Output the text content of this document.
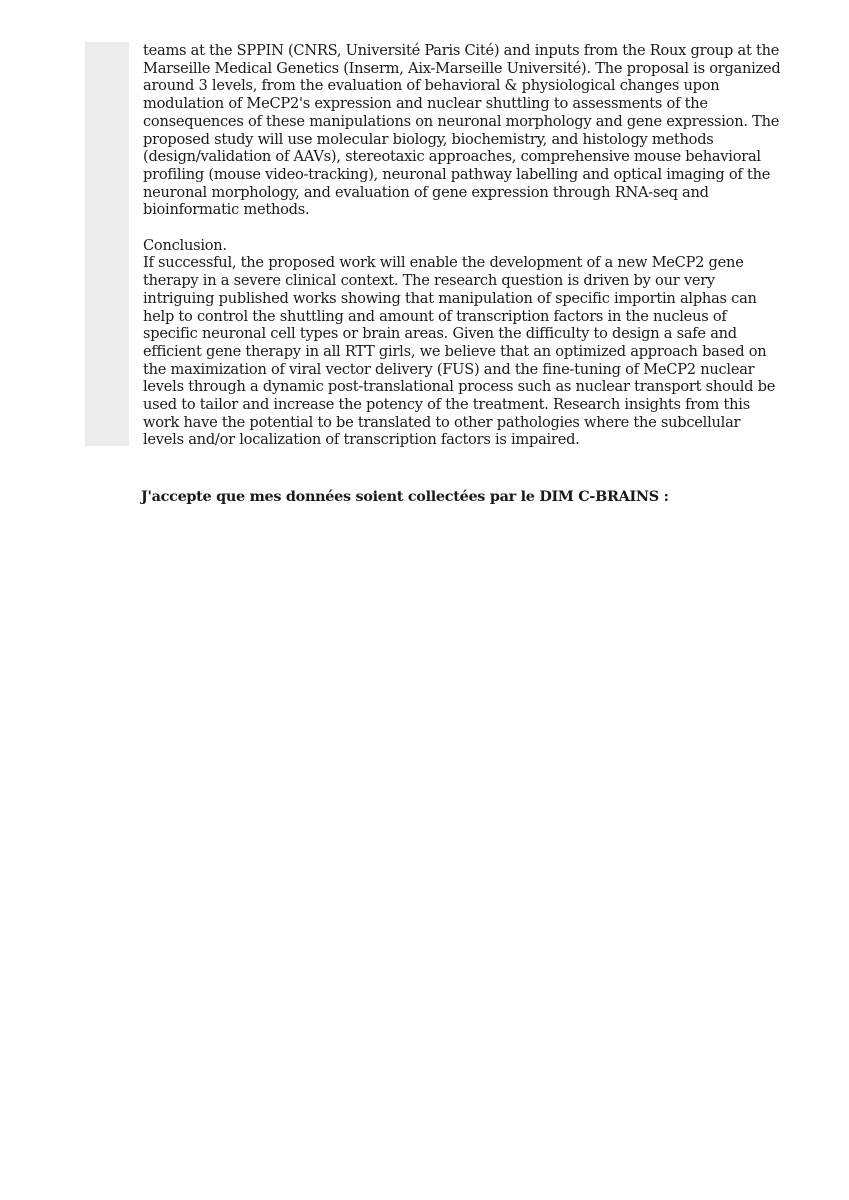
teams at the SPPIN (CNRS, Université Paris Cité) and inputs from the Roux group at the Marseille Medical Genetics (Inserm, Aix-Marseille Université). The proposal is organized around 3 levels, from the evaluation of behavioral & physiological changes upon modulation of MeCP2's expression and nuclear shuttling to assessments of the consequences of these manipulations on neuronal morphology and gene expression. The proposed study will use molecular biology, biochemistry, and histology methods (design/validation of AAVs), stereotaxic approaches, comprehensive mouse behavioral profiling (mouse video-tracking), neuronal pathway labelling and optical imaging of the neuronal morphology, and evaluation of gene expression through RNA-seq and bioinformatic methods.

Conclusion.

If successful, the proposed work will enable the development of a new MeCP2 gene therapy in a severe clinical context. The research question is driven by our very intriguing published works showing that manipulation of specific importin alphas can help to control the shuttling and amount of transcription factors in the nucleus of specific neuronal cell types or brain areas. Given the difficulty to design a safe and efficient gene therapy in all RTT girls, we believe that an optimized approach based on the maximization of viral vector delivery (FUS) and the fine-tuning of MeCP2 nuclear levels through a dynamic post-translational process such as nuclear transport should be used to tailor and increase the potency of the treatment. Research insights from this work have the potential to be translated to other pathologies where the subcellular levels and/or localization of transcription factors is impaired.

J'accepte que mes données soient collectées par le DIM C-BRAINS :
